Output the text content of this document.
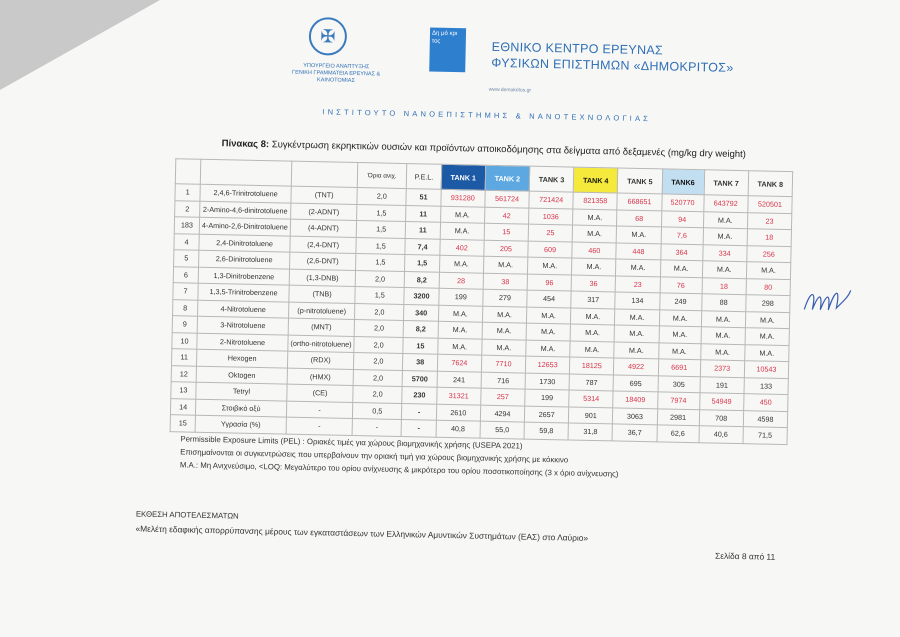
✠
ΥΠΟΥΡΓΕΙΟ ΑΝΑΠΤΥΞΗΣ
ΓΕΝΙΚΗ ΓΡΑΜΜΑΤΕΙΑ ΕΡΕΥΝΑΣ & ΚΑΙΝΟΤΟΜΙΑΣ
Δη μό κρι τος	ΕΘΝΙΚΟ ΚΕΝΤΡΟ ΕΡΕΥΝΑΣ
ΦΥΣΙΚΩΝ ΕΠΙΣΤΗΜΩΝ «ΔΗΜΟΚΡΙΤΟΣ»
www.demokritos.gr
ΙΝΣΤΙΤΟΥΤΟ ΝΑΝΟΕΠΙΣΤΗΜΗΣ & ΝΑΝΟΤΕΧΝΟΛΟΓΙΑΣ
Πίνακας 8: Συγκέντρωση εκρηκτικών ουσιών και προϊόντων αποικοδόμησης στα δείγματα από δεξαμενές (mg/kg dry weight)
			Όρια ανιχ.	P.E.L.	TANK 1	TANK 2	TANK 3	TANK 4	TANK 5	TANK6	TANK 7	TANK 8
1	2,4,6-Trinitrotoluene	(TNT)	2,0	51	931280	561724	721424	821358	668651	520770	643792	520501
2	2-Amino-4,6-dinitrotoluene	(2-ADNT)	1,5	11	M.A.	42	1036	M.A.	68	94	M.A.	23
183	4-Amino-2,6-Dinitrotoluene	(4-ADNT)	1,5	11	M.A.	15	25	M.A.	M.A.	7,6	M.A.	18
4	2,4-Dinitrotoluene	(2,4-DNT)	1,5	7,4	402	205	609	460	448	364	334	256
5	2,6-Dinitrotoluene	(2,6-DNT)	1,5	1,5	M.A.	M.A.	M.A.	M.A.	M.A.	M.A.	M.A.	M.A.
6	1,3-Dinitrobenzene	(1,3-DNB)	2,0	8,2	28	38	96	36	23	76	18	80
7	1,3,5-Trinitrobenzene	(TNB)	1,5	3200	199	279	454	317	134	249	88	298
8	4-Nitrotoluene	(p-nitrotoluene)	2,0	340	M.A.	M.A.	M.A.	M.A.	M.A.	M.A.	M.A.	M.A.
9	3-Nitrotoluene	(MNT)	2,0	8,2	M.A.	M.A.	M.A.	M.A.	M.A.	M.A.	M.A.	M.A.
10	2-Nitrotoluene	(ortho-nitrotoluene)	2,0	15	M.A.	M.A.	M.A.	M.A.	M.A.	M.A.	M.A.	M.A.
11	Hexogen	(RDX)	2,0	38	7624	7710	12653	18125	4922	6691	2373	10543
12	Oktogen	(HMX)	2,0	5700	241	716	1730	787	695	305	191	133
13	Tetryl	(CE)	2,0	230	31321	257	199	5314	18409	7974	54949	450
14	Στοιβικό οξύ	-	0,5	-	2610	4294	2657	901	3063	2981	708	4598
15	Υγρασία (%)	-	-	-	40,8	55,0	59,8	31,8	36,7	62,6	40,6	71,5
Permissible Exposure Limits (PEL) : Οριακές τιμές για χώρους βιομηχανικής χρήσης (USEPA 2021)
Επισημαίνονται οι συγκεντρώσεις που υπερβαίνουν την οριακή τιμή για χώρους βιομηχανικής χρήσης με κόκκινο
M.A.: Μη Ανιχνεύσιμο, <LOQ: Μεγαλύτερο του ορίου ανίχνευσης & μικρότερο του ορίου ποσοτικοποίησης (3 x όριο ανίχνευσης)
ΕΚΘΕΣΗ ΑΠΟΤΕΛΕΣΜΑΤΩΝ
«Μελέτη εδαφικής απορρύπανσης μέρους των εγκαταστάσεων των Ελληνικών Αμυντικών Συστημάτων (ΕΑΣ) στο Λαύριο»
Σελίδα 8 από 11
